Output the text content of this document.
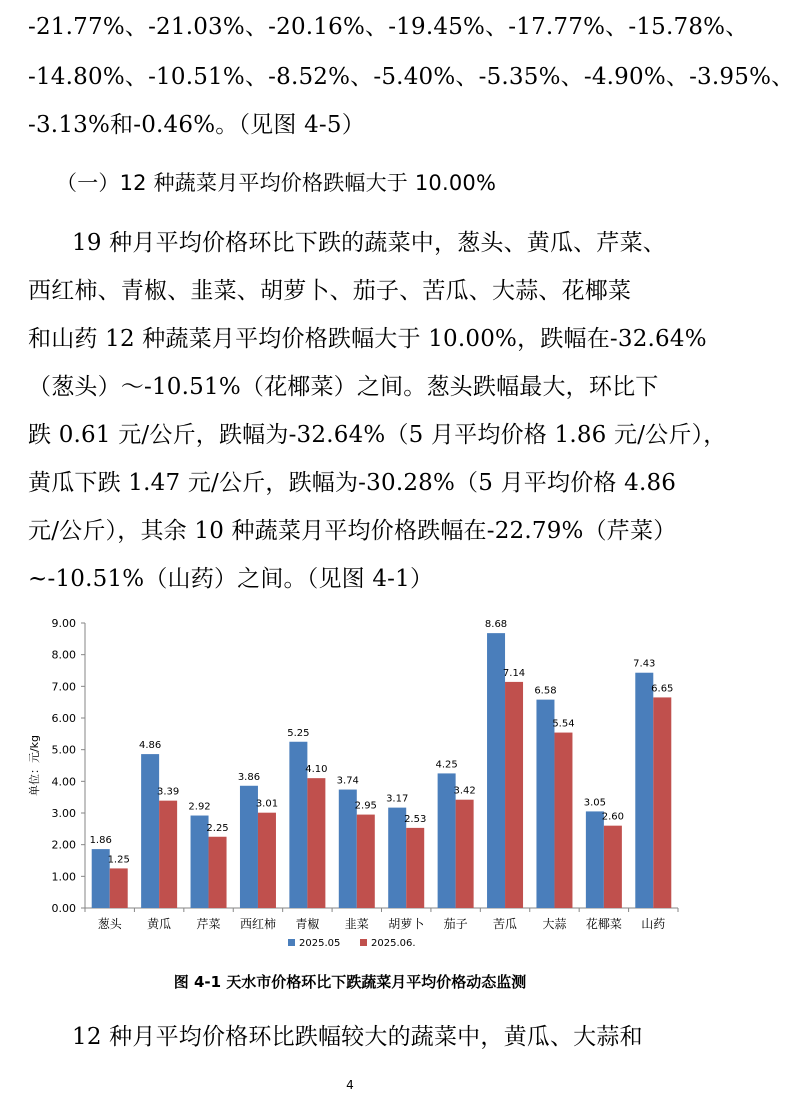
-21.77%、-21.03%、-20.16%、-19.45%、-17.77%、-15.78%、
-14.80%、-10.51%、-8.52%、-5.40%、-5.35%、-4.90%、-3.95%、
-3.13%和-0.46%。（见图 4-5）
（一）12 种蔬菜月平均价格跌幅大于 10.00%
19 种月平均价格环比下跌的蔬菜中，葱头、黄瓜、芹菜、
西红柿、青椒、韭菜、胡萝卜、茄子、苦瓜、大蒜、花椰菜
和山药 12 种蔬菜月平均价格跌幅大于 10.00%，跌幅在-32.64%
（葱头）～-10.51%（花椰菜）之间。葱头跌幅最大，环比下
跌 0.61 元/公斤，跌幅为-32.64%（5 月平均价格 1.86 元/公斤），
黄瓜下跌 1.47 元/公斤，跌幅为-30.28%（5 月平均价格 4.86
元/公斤），其余 10 种蔬菜月平均价格跌幅在-22.79%（芹菜）
~-10.51%（山药）之间。（见图 4-1）
0.00
1.00
2.00
3.00
4.00
5.00
6.00
7.00
8.00
9.00
单位：元/kg
1.86
1.25
葱头
4.86
3.39
黄瓜
2.92
2.25
芹菜
3.86
3.01
西红柿
5.25
4.10
青椒
3.74
2.95
韭菜
3.17
2.53
胡萝卜
4.25
3.42
茄子
8.68
7.14
苦瓜
6.58
5.54
大蒜
3.05
2.60
花椰菜
7.43
6.65
山药
2025.05	2025.06.
图 4-1 天水市价格环比下跌蔬菜月平均价格动态监测
12 种月平均价格环比跌幅较大的蔬菜中，黄瓜、大蒜和
4
